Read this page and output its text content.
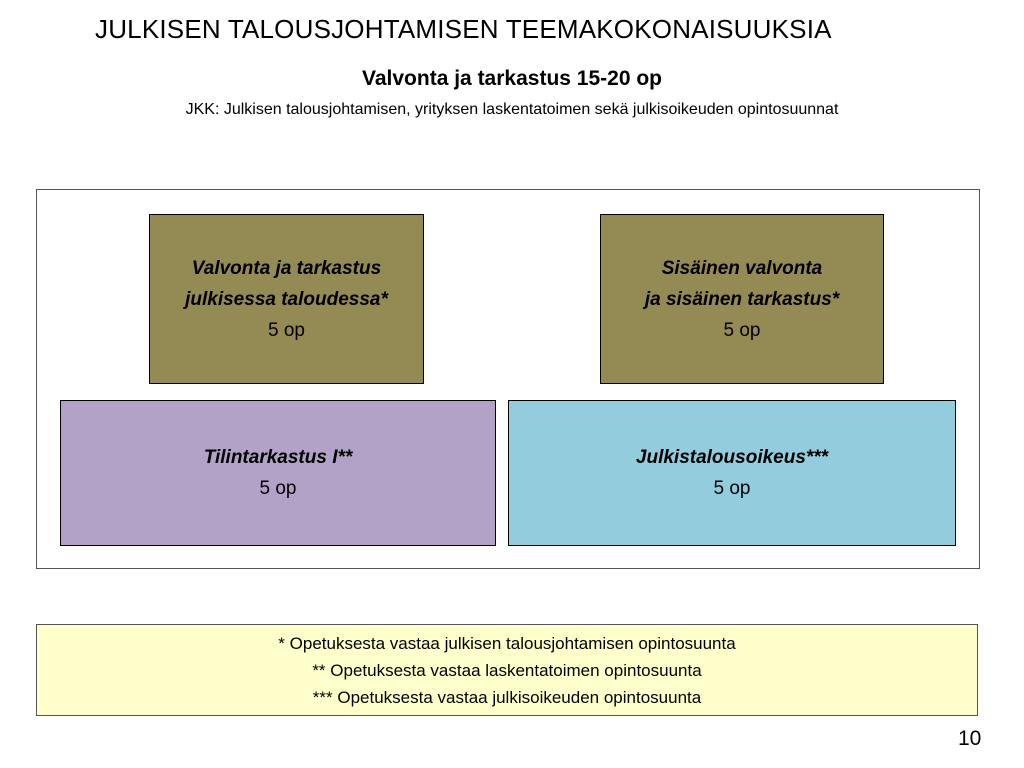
JULKISEN TALOUSJOHTAMISEN TEEMAKOKONAISUUKSIA
Valvonta ja tarkastus 15-20 op
JKK: Julkisen talousjohtamisen, yrityksen laskentatoimen sekä julkisoikeuden opintosuunnat
Valvonta ja tarkastus
julkisessa taloudessa*
5 op
Sisäinen valvonta
ja sisäinen tarkastus*
5 op
Tilintarkastus I**
5 op
Julkistalousoikeus***
5 op
* Opetuksesta vastaa julkisen talousjohtamisen opintosuunta
** Opetuksesta vastaa laskentatoimen opintosuunta
*** Opetuksesta vastaa julkisoikeuden opintosuunta
10
